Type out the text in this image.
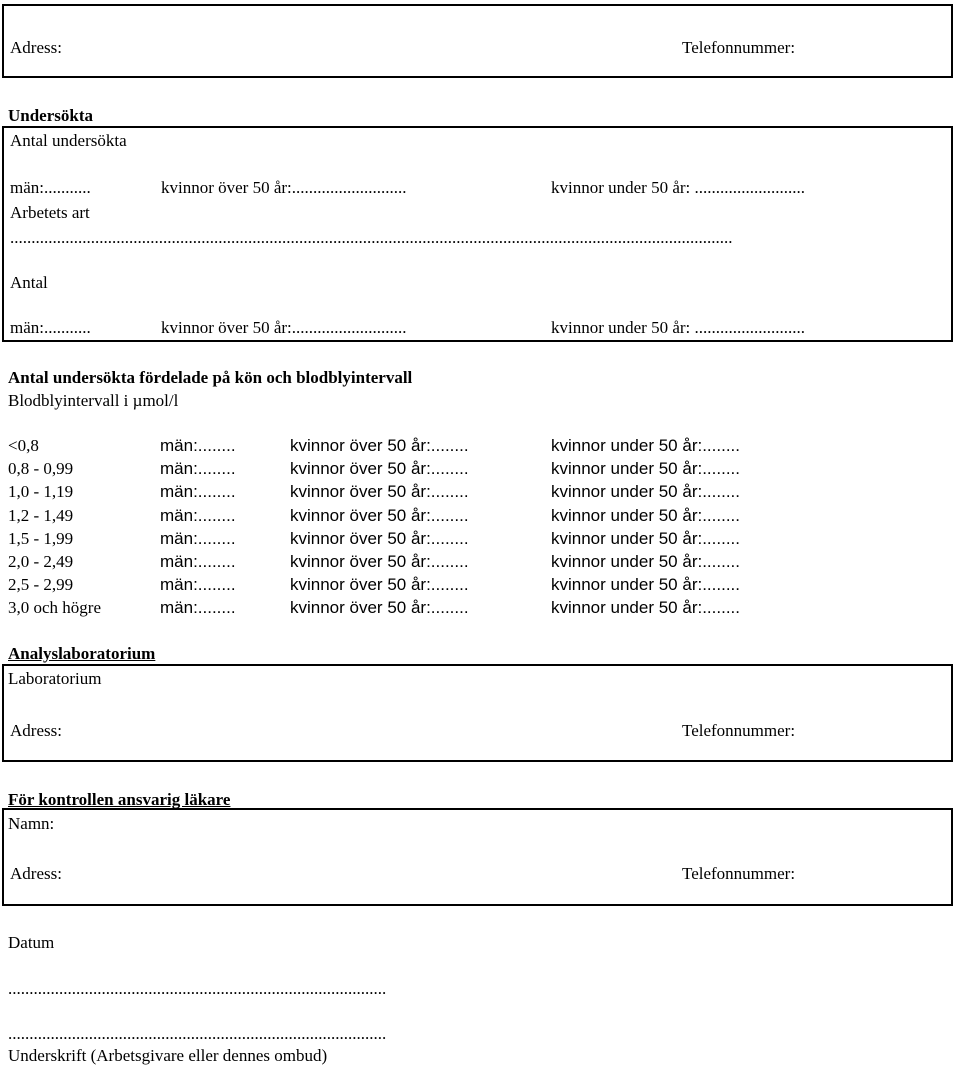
Adress:	Telefonnummer:
Undersökta
Antal undersökta
män:...........	kvinnor över 50 år:...........................	kvinnor under 50 år: ..........................
Arbetets art
..........................................................................................................................................................................
Antal
män:...........	kvinnor över 50 år:...........................	kvinnor under 50 år: ..........................
Antal undersökta fördelade på kön och blodblyintervall
Blodblyintervall i µmol/l
<0,8	män:........	kvinnor över 50 år:........	kvinnor under 50 år:........
0,8 - 0,99	män:........	kvinnor över 50 år:........	kvinnor under 50 år:........
1,0 - 1,19	män:........	kvinnor över 50 år:........	kvinnor under 50 år:........
1,2 - 1,49	män:........	kvinnor över 50 år:........	kvinnor under 50 år:........
1,5 - 1,99	män:........	kvinnor över 50 år:........	kvinnor under 50 år:........
2,0 - 2,49	män:........	kvinnor över 50 år:........	kvinnor under 50 år:........
2,5 - 2,99	män:........	kvinnor över 50 år:........	kvinnor under 50 år:........
3,0 och högre	män:........	kvinnor över 50 år:........	kvinnor under 50 år:........
Analyslaboratorium
Laboratorium
Adress:	Telefonnummer:
För kontrollen ansvarig läkare
Namn:
Adress:	Telefonnummer:
Datum
.........................................................................................
.........................................................................................
Underskrift (Arbetsgivare eller dennes ombud)
